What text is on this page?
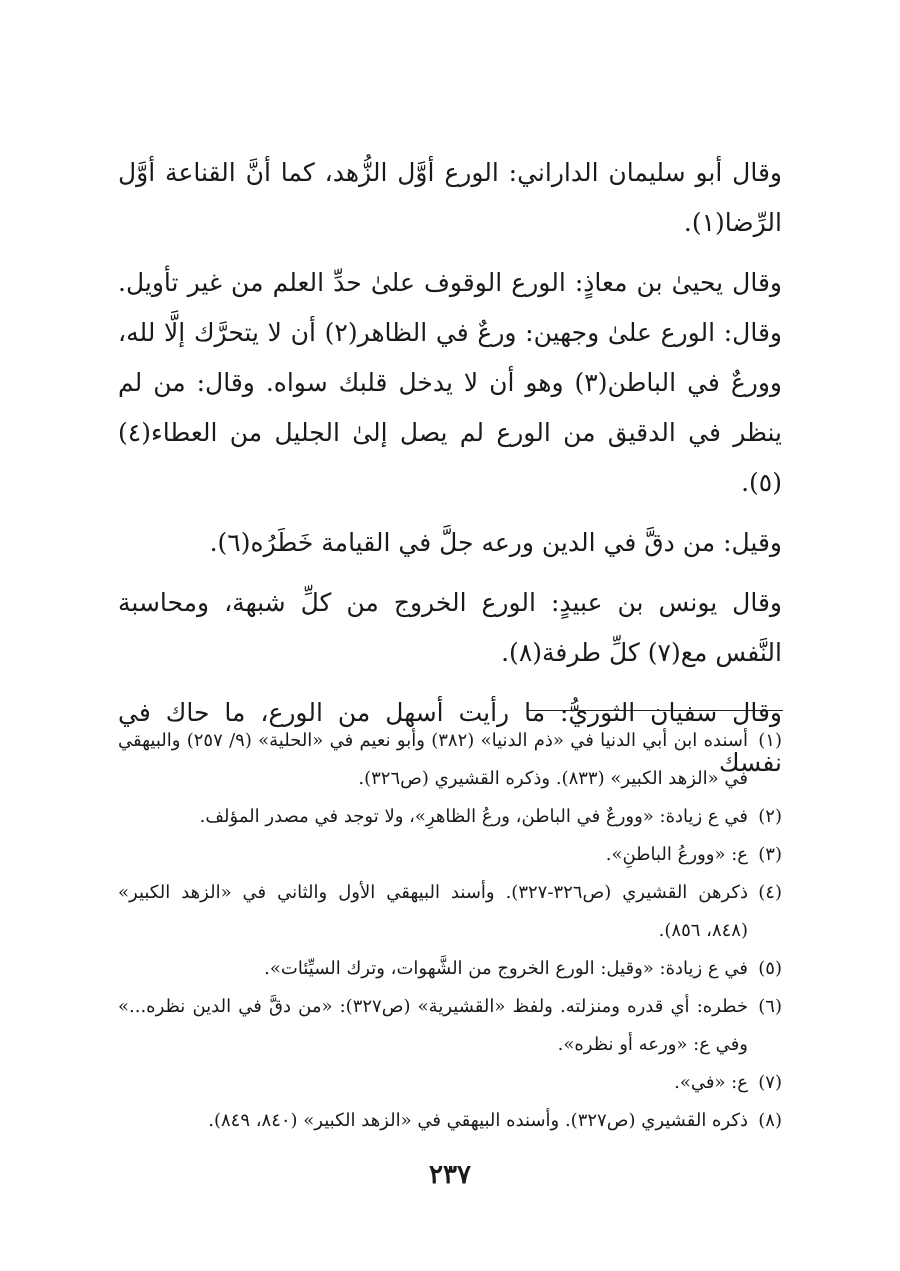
وقال أبو سليمان الداراني: الورع أوَّل الزُّهد، كما أنَّ القناعة أوَّل الرِّضا(١).

وقال يحيىٰ بن معاذٍ: الورع الوقوف علىٰ حدِّ العلم من غير تأويل. وقال: الورع علىٰ وجهين: ورعٌ في الظاهر(٢) أن لا يتحرَّك إلَّا لله، وورعٌ في الباطن(٣) وهو أن لا يدخل قلبك سواه. وقال: من لم ينظر في الدقيق من الورع لم يصل إلىٰ الجليل من العطاء(٤) (٥).

وقيل: من دقَّ في الدين ورعه جلَّ في القيامة خَطَرُه(٦).

وقال يونس بن عبيدٍ: الورع الخروج من كلِّ شبهة، ومحاسبة النَّفس مع(٧) كلِّ طرفة(٨).

وقال سفيان الثوريُّ: ما رأيت أسهل من الورع، ما حاك في نفسك

(١)
أسنده ابن أبي الدنيا في «ذم الدنيا» (٣٨٢) وأبو نعيم في «الحلية» (٩/ ٢٥٧) والبيهقي في «الزهد الكبير» (٨٣٣). وذكره القشيري (ص٣٢٦).
(٢)
في ع زيادة: «وورعٌ في الباطن، ورعُ الظاهرِ»، ولا توجد في مصدر المؤلف.
(٣)
ع: «وورعُ الباطنِ».
(٤)
ذكرهن القشيري (ص٣٢٦-٣٢٧). وأسند البيهقي الأول والثاني في «الزهد الكبير» (٨٤٨، ٨٥٦).
(٥)
في ع زيادة: «وقيل: الورع الخروج من الشَّهوات، وترك السيِّئات».
(٦)
خطره: أي قدره ومنزلته. ولفظ «القشيرية» (ص٣٢٧): «من دقَّ في الدين نظره...» وفي ع: «ورعه أو نظره».
(٧)
ع: «في».
(٨)
ذكره القشيري (ص٣٢٧). وأسنده البيهقي في «الزهد الكبير» (٨٤٠، ٨٤٩).
٢٣٧
